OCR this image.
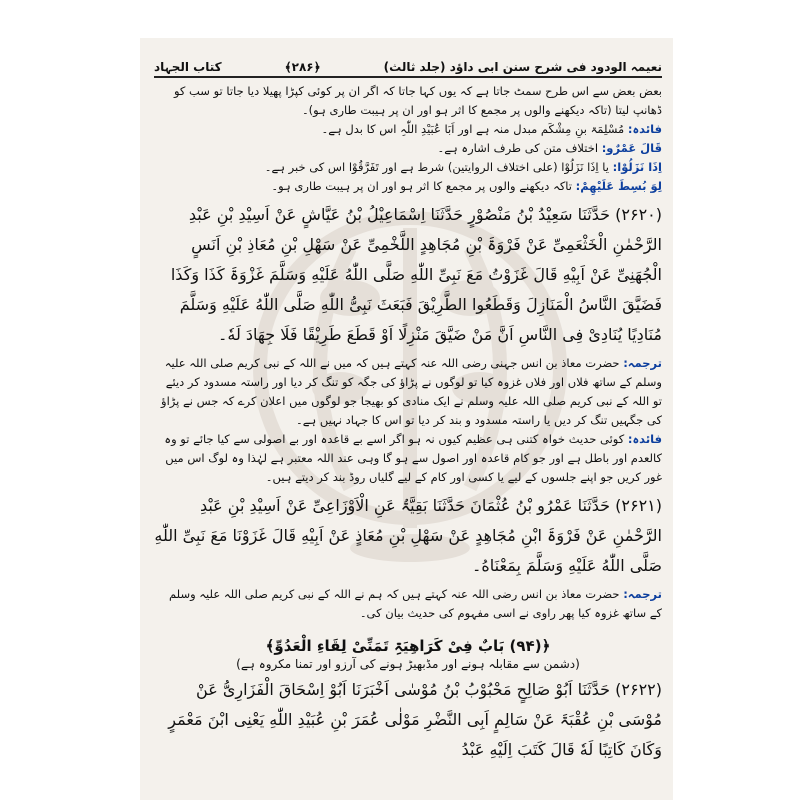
نعیمہ الودود فی شرح سنن ابی داؤد (جلد ثالث)
﴿۲۸۶﴾
کتاب الجہاد

بعض بعض سے اس طرح سمٹ جاتا ہے کہ یوں کہا جاتا کہ اگر ان پر کوئی کپڑا پھیلا دیا جاتا تو سب کو ڈھانپ لیتا (تاکہ دیکھنے والوں پر مجمع کا اثر ہو اور ان پر ہیبت طاری ہو)۔

فائدہ: مُسْلِمَۃ بنِ مِشْکَم مبدل منہ ہے اور اَبَا عُبَیْدِ اللّٰہِ اس کا بدل ہے۔

قَالَ عَمْرٌو: اختلاف متن کی طرف اشارہ ہے۔

اِذَا نَزَلُوْا: یا اِذَا نَزَلُوْا (علی اختلاف الروایتین) شرط ہے اور تَفَرَّقُوْا اس کی خبر ہے۔

لِوَ بُسِطَ عَلَیْهِمْ: تاکہ دیکھنے والوں پر مجمع کا اثر ہو اور ان پر ہیبت طاری ہو۔

(۲۶۲۰) حَدَّثَنَا سَعِیْدُ بْنُ مَنْصُوْرٍ حَدَّثَنَا اِسْمَاعِیْلُ بْنُ عَیَّاشٍ عَنْ اَسِیْدِ بْنِ عَبْدِ الرَّحْمٰنِ الْخَثْعَمِیِّ عَنْ فَرْوَۃَ بْنِ مُجَاهِدٍ اللَّخْمِیِّ عَنْ سَهْلِ بْنِ مُعَاذِ بْنِ اَنَسٍ الْجُهَنِیِّ عَنْ اَبِیْهِ قَالَ غَزَوْتُ مَعَ نَبِیِّ اللّٰهِ صَلَّی اللّٰهُ عَلَیْهِ وَسَلَّمَ غَزْوَۃَ کَذَا وَکَذَا فَضَیَّقَ النَّاسُ الْمَنَازِلَ وَقَطَعُوا الطَّرِیْقَ فَبَعَثَ نَبِیُّ اللّٰهِ صَلَّی اللّٰهُ عَلَیْهِ وَسَلَّمَ مُنَادِیًا یُنَادِیْ فِی النَّاسِ اَنَّ مَنْ ضَیَّقَ مَنْزِلًا اَوْ قَطَعَ طَرِیْقًا فَلَا جِهَادَ لَهٗ۔

ترجمہ: حضرت معاذ بن انس جہنی رضی اللہ عنہ کہتے ہیں کہ میں نے اللہ کے نبی کریم صلی اللہ علیہ وسلم کے ساتھ فلاں اور فلاں غزوہ کیا تو لوگوں نے پڑاؤ کی جگہ کو تنگ کر دیا اور راستہ مسدود کر دیئے تو اللہ کے نبی کریم صلی اللہ علیہ وسلم نے ایک منادی کو بھیجا جو لوگوں میں اعلان کرے کہ جس نے پڑاؤ کی جگہیں تنگ کر دیں یا راستہ مسدود و بند کر دیا تو اس کا جہاد نہیں ہے۔

فائدہ: کوئی حدیث خواہ کتنی ہی عظیم کیوں نہ ہو اگر اسے بے قاعدہ اور بے اصولی سے کیا جائے تو وہ کالعدم اور باطل ہے اور جو کام قاعدہ اور اصول سے ہو گا وہی عند اللہ معتبر ہے لہٰذا وہ لوگ اس میں غور کریں جو اپنے جلسوں کے لیے یا کسی اور کام کے لیے گلیاں روڈ بند کر دیتے ہیں۔

(۲۶۲۱) حَدَّثَنَا عَمْرُو بْنُ عُثْمَانَ حَدَّثَنَا بَقِیَّۃُ عَنِ الْاَوْزَاعِیِّ عَنْ اَسِیْدِ بْنِ عَبْدِ الرَّحْمٰنِ عَنْ فَرْوَۃَ ابْنِ مُجَاهِدٍ عَنْ سَهْلِ بْنِ مُعَاذٍ عَنْ اَبِیْهِ قَالَ غَزَوْنَا مَعَ نَبِیِّ اللّٰهِ صَلَّی اللّٰهُ عَلَیْهِ وَسَلَّمَ بِمَعْنَاهُ۔

ترجمہ: حضرت معاذ بن انس رضی اللہ عنہ کہتے ہیں کہ ہم نے اللہ کے نبی کریم صلی اللہ علیہ وسلم کے ساتھ غزوہ کیا پھر راوی نے اسی مفہوم کی حدیث بیان کی۔

﴿(۹۴) بَابٌ فِیْ کَرَاهِیَۃِ تَمَنِّیْ لِقَاءِ الْعَدُوِّ﴾
(دشمن سے مقابلہ ہونے اور مڈبھیڑ ہونے کی آرزو اور تمنا مکروہ ہے)

(۲۶۲۲) حَدَّثَنَا اَبُوْ صَالِحٍ مَحْبُوْبُ بْنُ مُوْسٰی اَخْبَرَنَا اَبُوْ اِسْحَاقَ الْفَزَارِیُّ عَنْ مُوْسَی بْنِ عُقْبَۃَ عَنْ سَالِمٍ اَبِی النَّضْرِ مَوْلٰی عُمَرَ بْنِ عُبَیْدِ اللّٰهِ یَعْنِی ابْنَ مَعْمَرٍ وَکَانَ کَاتِبًا لَهٗ قَالَ کَتَبَ اِلَیْهِ عَبْدُ
